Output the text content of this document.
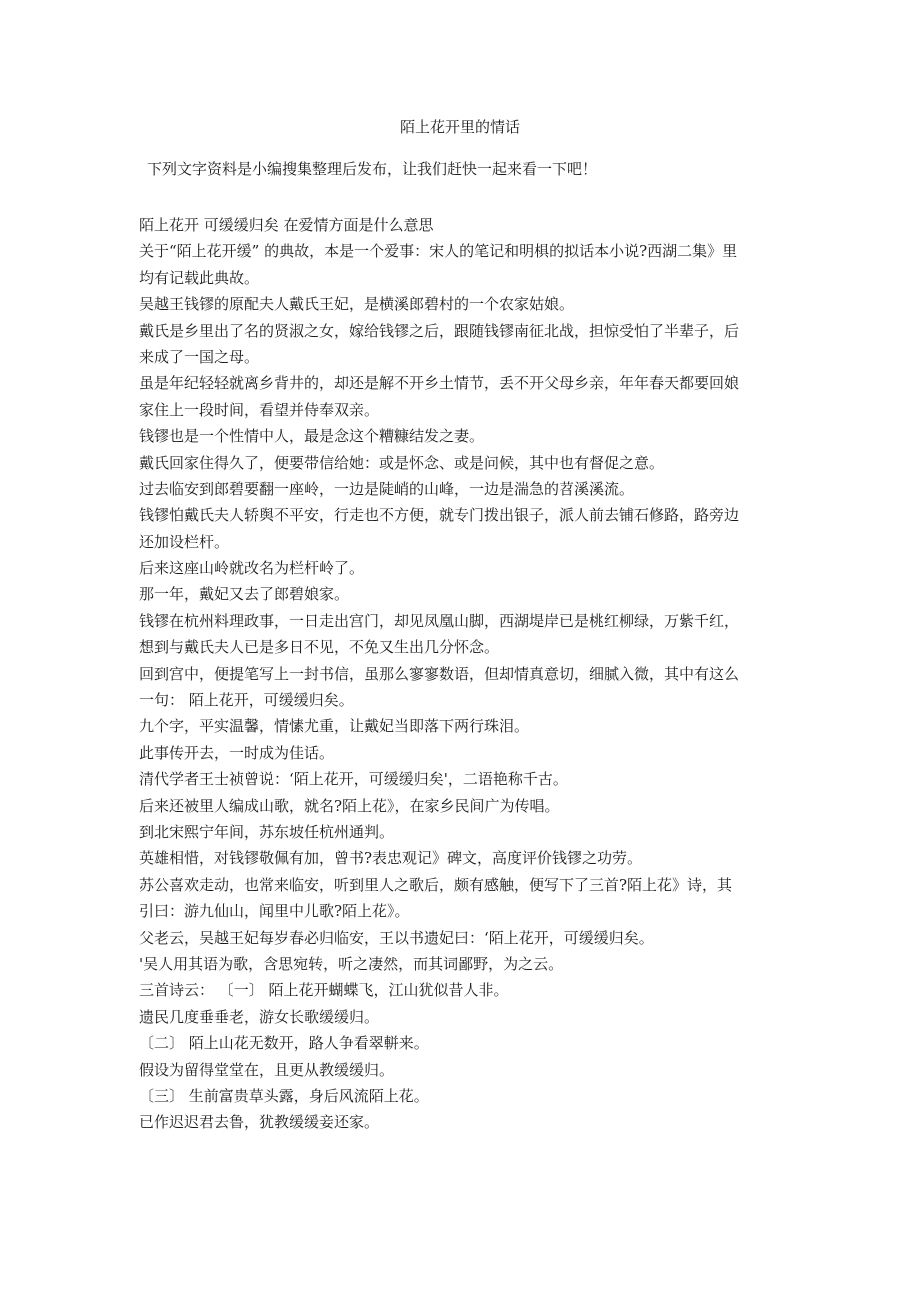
陌上花开里的情话
下列文字资料是小编搜集整理后发布，让我们赶快一起来看一下吧！
陌上花开 可缓缓归矣 在爱情方面是什么意思
关于“陌上花开缓” 的典故，本是一个爱事：宋人的笔记和明椇的拟话本小说?西湖二集》里
均有记载此典故。
吴越王钱镠的原配夫人戴氏王妃，是横溪郎碧村的一个农家姑娘。
戴氏是乡里出了名的贤淑之女，嫁给钱镠之后，跟随钱镠南征北战，担惊受怕了半辈子，后
来成了一国之母。
虽是年纪轻轻就离乡背井的，却还是解不开乡土情节，丢不开父母乡亲，年年春天都要回娘
家住上一段时间，看望并侍奉双亲。
钱镠也是一个性情中人，最是念这个糟糠结发之妻。
戴氏回家住得久了，便要带信给她：或是怀念、或是问候，其中也有督促之意。
过去临安到郎碧要翻一座岭，一边是陡峭的山峰，一边是湍急的苕溪溪流。
钱镠怕戴氏夫人轿舆不平安，行走也不方便，就专门拨出银子，派人前去铺石修路，路旁边
还加设栏杆。
后来这座山岭就改名为栏杆岭了。
那一年，戴妃又去了郎碧娘家。
钱镠在杭州料理政事，一日走出宫门，却见凤凰山脚，西湖堤岸已是桃红柳绿，万紫千红，
想到与戴氏夫人已是多日不见，不免又生出几分怀念。
回到宫中，便提笔写上一封书信，虽那么寥寥数语，但却情真意切，细腻入微，其中有这么
一句： 陌上花开，可缓缓归矣。
九个字，平实温馨，情愫尤重，让戴妃当即落下两行珠泪。
此事传开去，一时成为佳话。
清代学者王士祯曾说：‘陌上花开，可缓缓归矣'，二语艳称千古。
后来还被里人编成山歌，就名?陌上花》，在家乡民间广为传唱。
到北宋熙宁年间，苏东坡任杭州通判。
英雄相惜，对钱镠敬佩有加，曾书?表忠观记》碑文，高度评价钱镠之功劳。
苏公喜欢走动，也常来临安，听到里人之歌后，颇有感触，便写下了三首?陌上花》诗，其
引曰：游九仙山，闻里中儿歌?陌上花》。
父老云，吴越王妃每岁春必归临安，王以书遗妃曰：‘陌上花开，可缓缓归矣。
'吴人用其语为歌，含思宛转，听之凄然，而其词鄙野，为之云。
三首诗云： 〔一〕 陌上花开蝴蝶飞，江山犹似昔人非。
遗民几度垂垂老，游女长歌缓缓归。
〔二〕 陌上山花无数开，路人争看翠軿来。
假设为留得堂堂在，且更从教缓缓归。
〔三〕 生前富贵草头露，身后风流陌上花。
已作迟迟君去鲁，犹教缓缓妾还家。
